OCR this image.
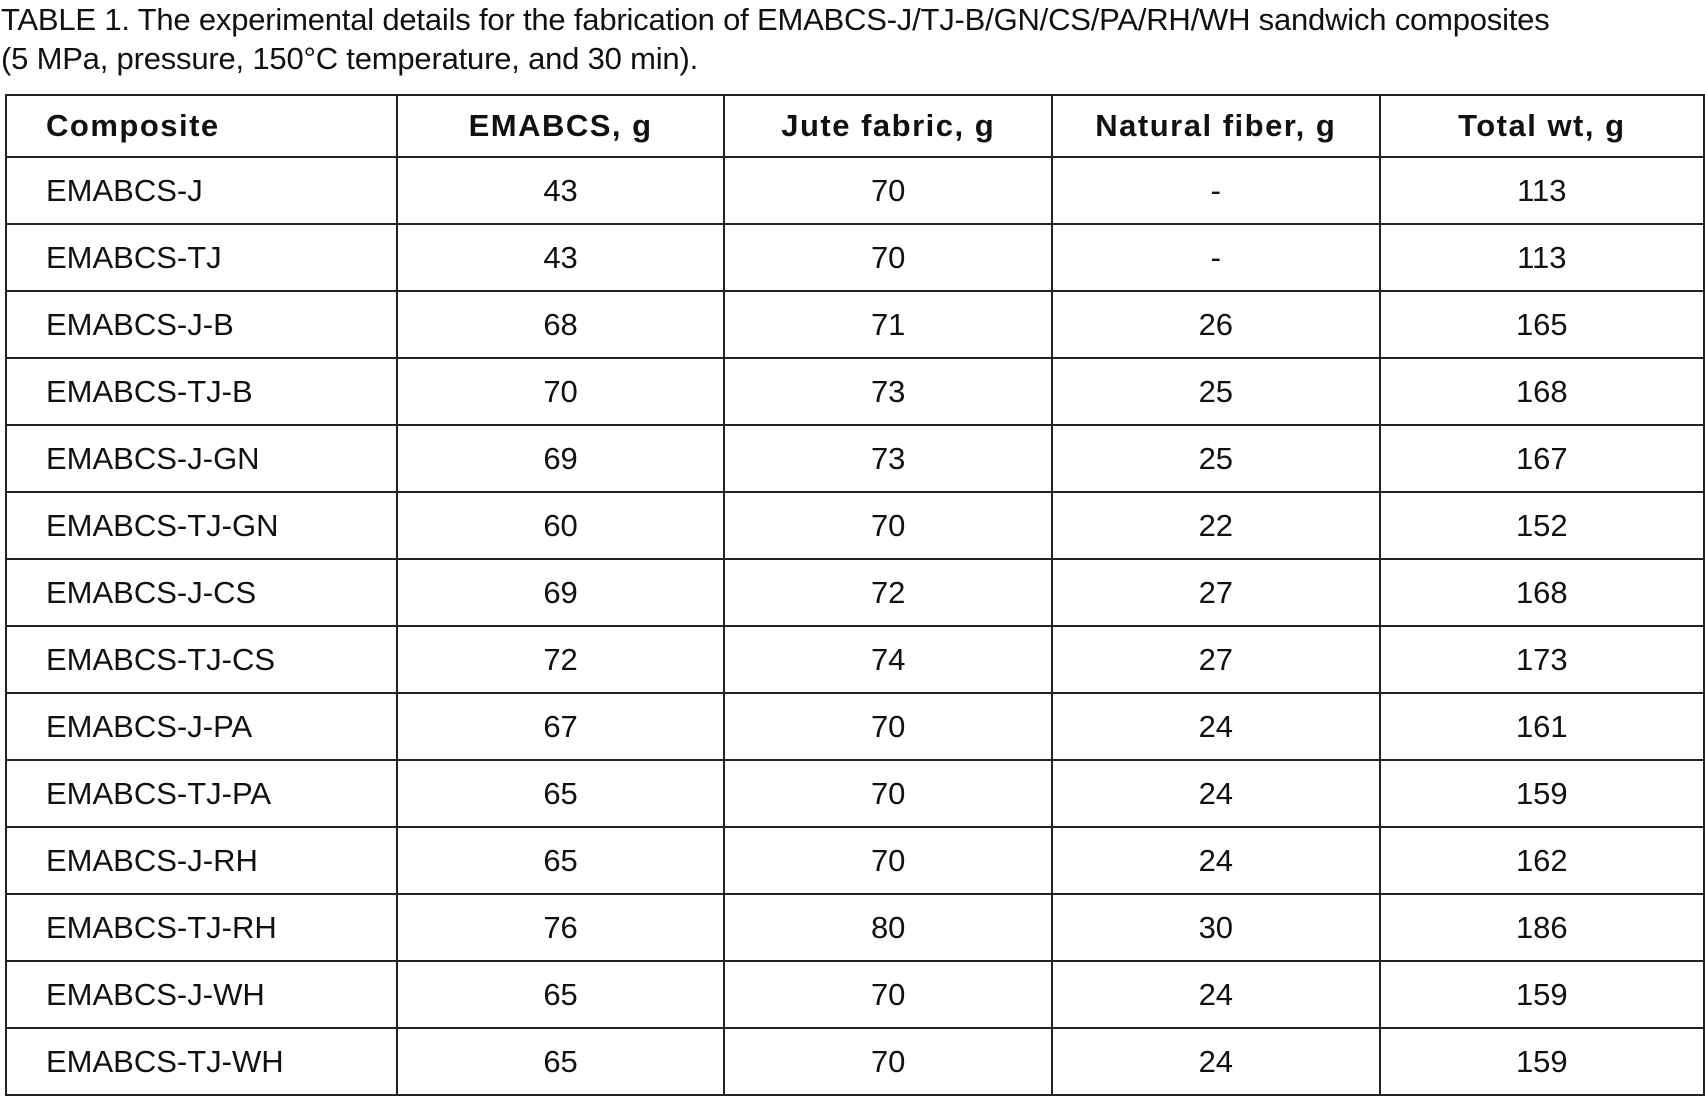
TABLE 1. The experimental details for the fabrication of EMABCS-J/TJ-B/GN/CS/PA/RH/WH sandwich composites
(5 MPa, pressure, 150°C temperature, and 30 min).
Composite	EMABCS, g	Jute fabric, g	Natural fiber, g	Total wt, g
EMABCS-J	43	70	-	113
EMABCS-TJ	43	70	-	113
EMABCS-J-B	68	71	26	165
EMABCS-TJ-B	70	73	25	168
EMABCS-J-GN	69	73	25	167
EMABCS-TJ-GN	60	70	22	152
EMABCS-J-CS	69	72	27	168
EMABCS-TJ-CS	72	74	27	173
EMABCS-J-PA	67	70	24	161
EMABCS-TJ-PA	65	70	24	159
EMABCS-J-RH	65	70	24	162
EMABCS-TJ-RH	76	80	30	186
EMABCS-J-WH	65	70	24	159
EMABCS-TJ-WH	65	70	24	159
